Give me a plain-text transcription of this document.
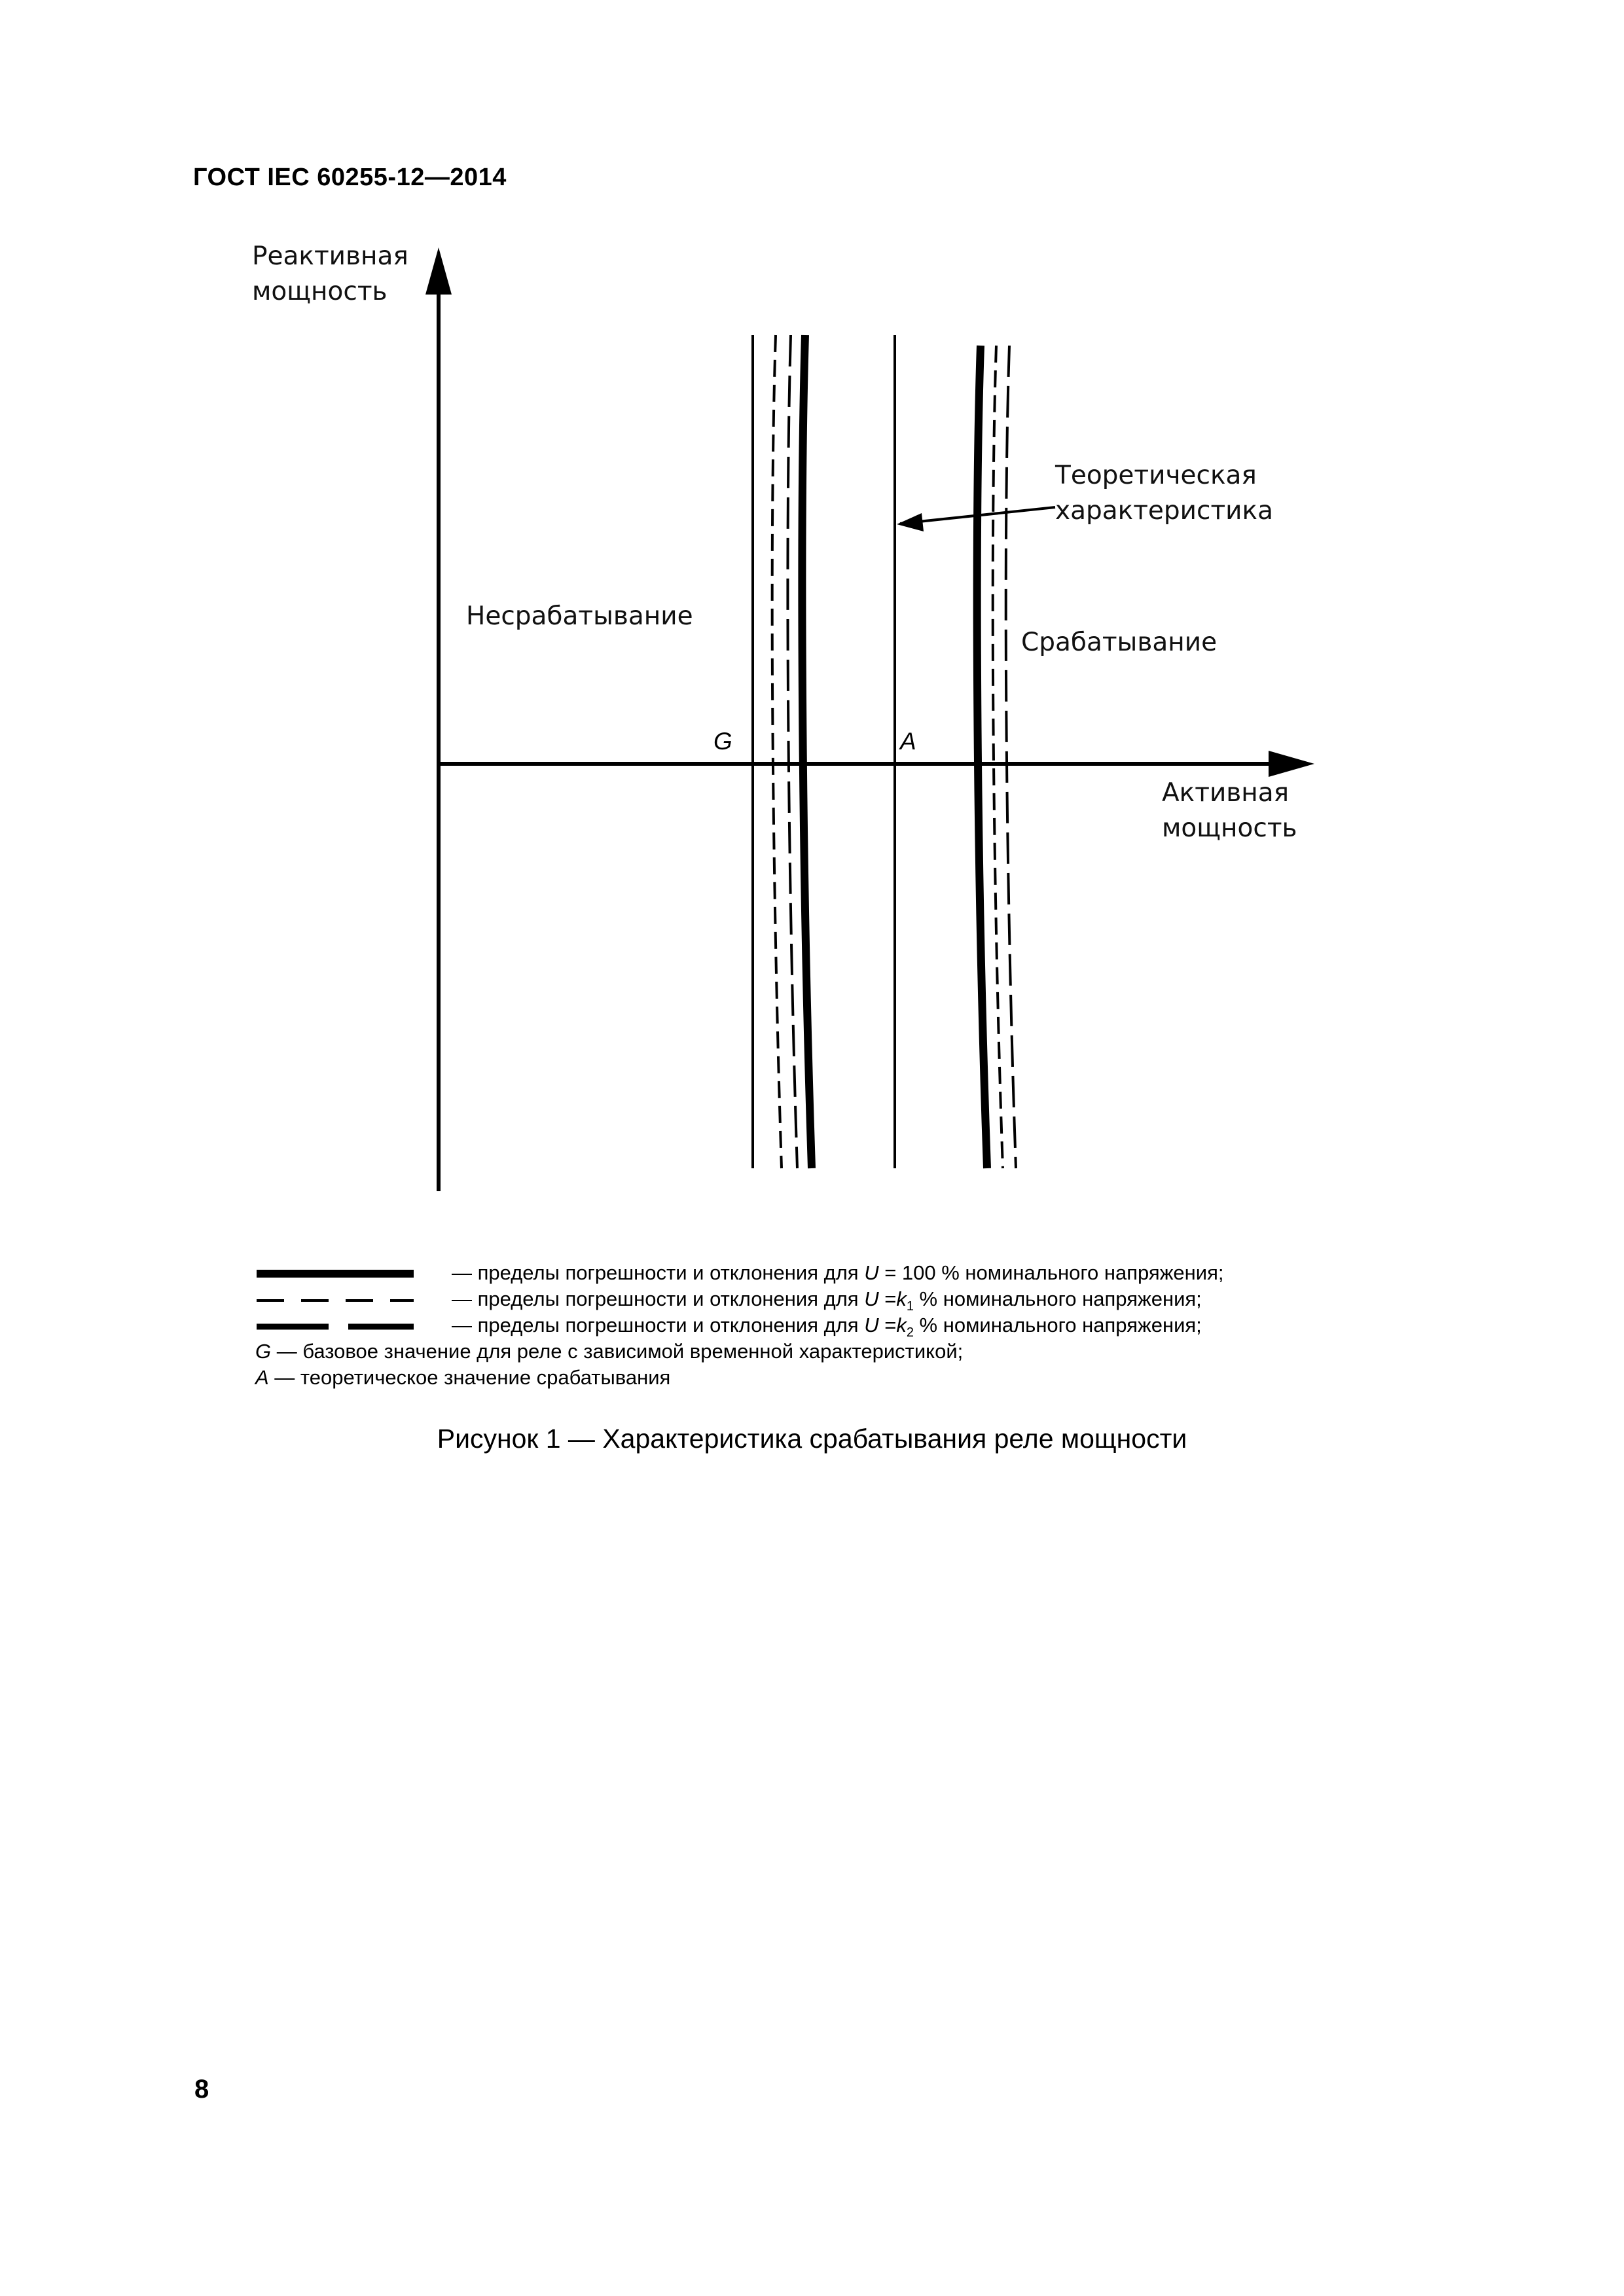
ГОСТ IEC 60255-12—2014
Реактивная
мощность
Теоретическая
характеристика
Несрабатывание
Срабатывание
G	A
Активная
мощность
— пределы погрешности и отклонения для U = 100 % номинального напряжения;
— пределы погрешности и отклонения для $U =k_1$ % номинального напряжения;
— пределы погрешности и отклонения для $U =k_2$ % номинального напряжения;
G — базовое значение для реле с зависимой временной характеристикой;
A — теоретическое значение срабатывания
Рисунок 1 — Характеристика срабатывания реле мощности
8
